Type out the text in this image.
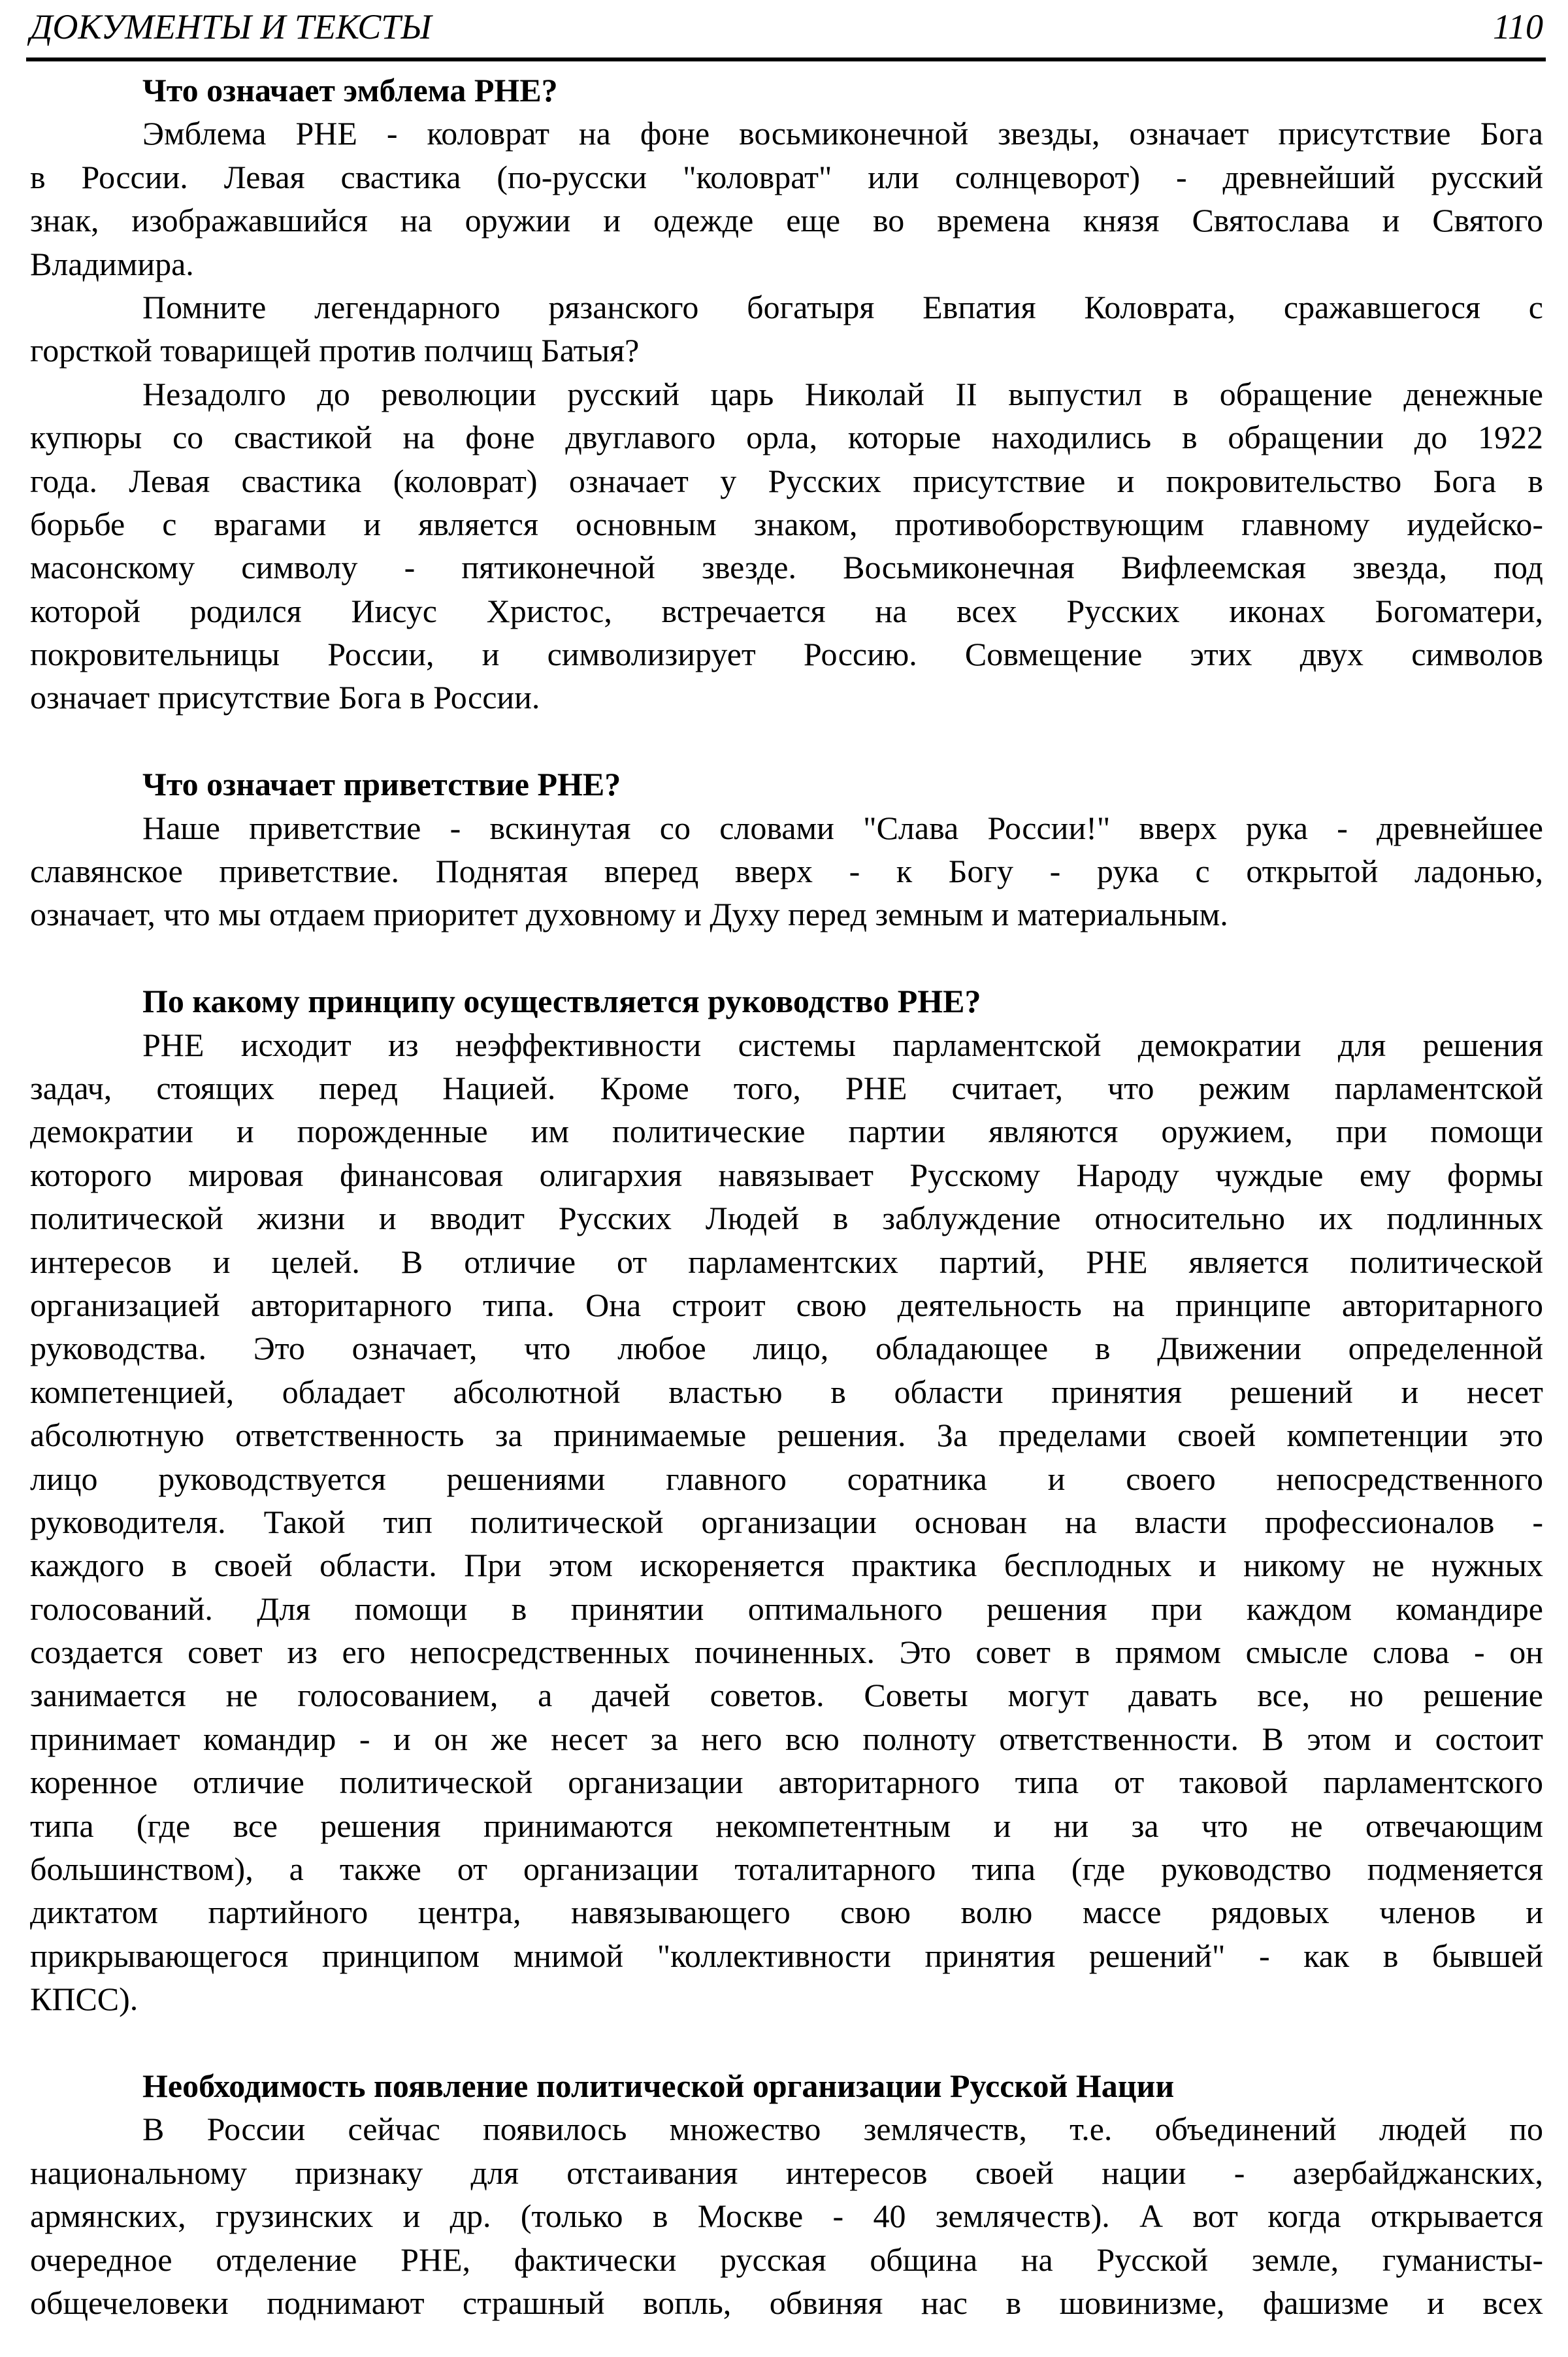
ДОКУМЕНТЫ И ТЕКСТЫ	110
Что означает эмблема РНЕ?
Эмблема РНЕ - коловрат на фоне восьмиконечной звезды, означает присутствие Бога
в России. Левая свастика (по-русски "коловрат" или солнцеворот) - древнейший русский
знак, изображавшийся на оружии и одежде еще во времена князя Святослава и Святого
Владимира.
Помните легендарного рязанского богатыря Евпатия Коловрата, сражавшегося с
горсткой товарищей против полчищ Батыя?
Незадолго до революции русский царь Николай II выпустил в обращение денежные
купюры со свастикой на фоне двуглавого орла, которые находились в обращении до 1922
года. Левая свастика (коловрат) означает у Русских присутствие и покровительство Бога в
борьбе с врагами и является основным знаком, противоборствующим главному иудейско-
масонскому символу - пятиконечной звезде. Восьмиконечная Вифлеемская звезда, под
которой родился Иисус Христос, встречается на всех Русских иконах Богоматери,
покровительницы России, и символизирует Россию. Совмещение этих двух символов
означает присутствие Бога в России.
Что означает приветствие РНЕ?
Наше приветствие - вскинутая со словами "Слава России!" вверх рука - древнейшее
славянское приветствие. Поднятая вперед вверх - к Богу - рука с открытой ладонью,
означает, что мы отдаем приоритет духовному и Духу перед земным и материальным.
По какому принципу осуществляется руководство РНЕ?
РНЕ исходит из неэффективности системы парламентской демократии для решения
задач, стоящих перед Нацией. Кроме того, РНЕ считает, что режим парламентской
демократии и порожденные им политические партии являются оружием, при помощи
которого мировая финансовая олигархия навязывает Русскому Народу чуждые ему формы
политической жизни и вводит Русских Людей в заблуждение относительно их подлинных
интересов и целей. В отличие от парламентских партий, РНЕ является политической
организацией авторитарного типа. Она строит свою деятельность на принципе авторитарного
руководства. Это означает, что любое лицо, обладающее в Движении определенной
компетенцией, обладает абсолютной властью в области принятия решений и несет
абсолютную ответственность за принимаемые решения. За пределами своей компетенции это
лицо руководствуется решениями главного соратника и своего непосредственного
руководителя. Такой тип политической организации основан на власти профессионалов -
каждого в своей области. При этом искореняется практика бесплодных и никому не нужных
голосований. Для помощи в принятии оптимального решения при каждом командире
создается совет из его непосредственных починенных. Это совет в прямом смысле слова - он
занимается не голосованием, а дачей советов. Советы могут давать все, но решение
принимает командир - и он же несет за него всю полноту ответственности. В этом и состоит
коренное отличие политической организации авторитарного типа от таковой парламентского
типа (где все решения принимаются некомпетентным и ни за что не отвечающим
большинством), а также от организации тоталитарного типа (где руководство подменяется
диктатом партийного центра, навязывающего свою волю массе рядовых членов и
прикрывающегося принципом мнимой "коллективности принятия решений" - как в бывшей
КПСС).
Необходимость появление политической организации Русской Нации
В России сейчас появилось множество землячеств, т.е. объединений людей по
национальному признаку для отстаивания интересов своей нации - азербайджанских,
армянских, грузинских и др. (только в Москве - 40 землячеств). А вот когда открывается
очередное отделение РНЕ, фактически русская община на Русской земле, гуманисты-
общечеловеки поднимают страшный вопль, обвиняя нас в шовинизме, фашизме и всех
